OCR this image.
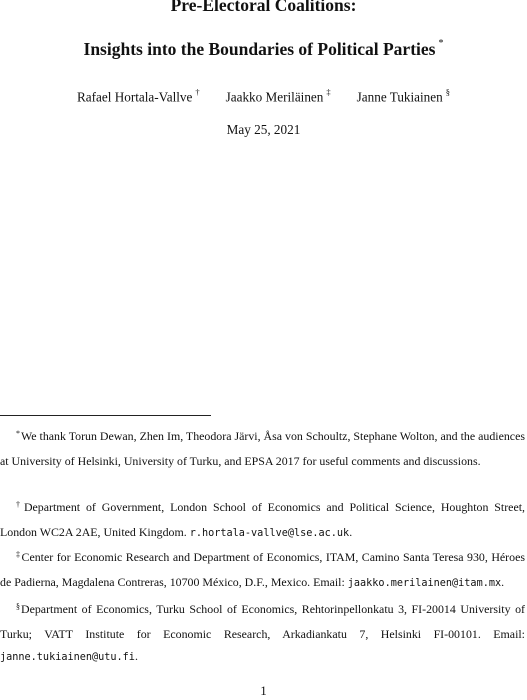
Pre-Electoral Coalitions:
Insights into the Boundaries of Political Parties *
Rafael Hortala-Vallve † Jaakko Meriläinen ‡ Janne Tukiainen §
May 25, 2021
*We thank Torun Dewan, Zhen Im, Theodora Järvi, Åsa von Schoultz, Stephane Wolton, and the audiences at University of Helsinki, University of Turku, and EPSA 2017 for useful comments and discussions.
†Department of Government, London School of Economics and Political Science, Houghton Street, London WC2A 2AE, United Kingdom. r.hortala-vallve@lse.ac.uk.
‡Center for Economic Research and Department of Economics, ITAM, Camino Santa Teresa 930, Héroes de Padierna, Magdalena Contreras, 10700 México, D.F., Mexico. Email: jaakko.merilainen@itam.mx.
§Department of Economics, Turku School of Economics, Rehtorinpellonkatu 3, FI-20014 University of Turku; VATT Institute for Economic Research, Arkadiankatu 7, Helsinki FI-00101. Email: janne.tukiainen@utu.fi.
1
